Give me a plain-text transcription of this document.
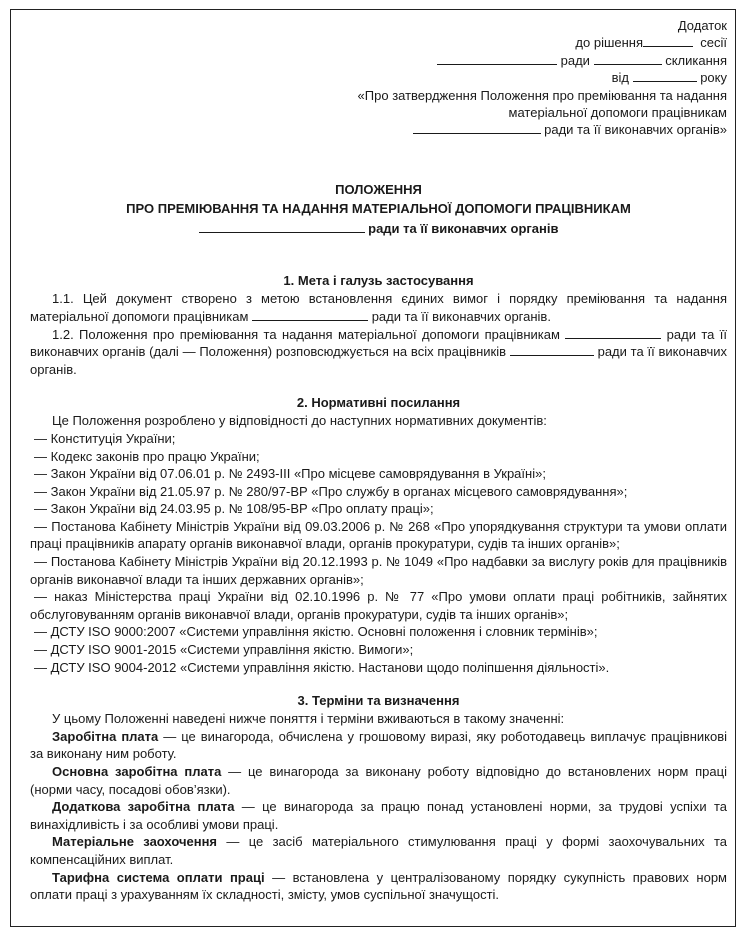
Додаток
до рішення	сесії
ради	скликання
від	року
«Про затвердження Положення про преміювання та надання
матеріальної допомоги працівникам
ради та її виконавчих органів»
ПОЛОЖЕННЯ
ПРО ПРЕМІЮВАННЯ ТА НАДАННЯ МАТЕРІАЛЬНОЇ ДОПОМОГИ ПРАЦІВНИКАМ
ради та її виконавчих органів
1. Мета і галузь застосування

1.1. Цей документ створено з метою встановлення єдиних вимог і порядку преміювання та надання матеріальної допомоги працівникам	ради та її виконавчих органів.

1.2. Положення про преміювання та надання матеріальної допомоги працівникам	ради та її виконавчих органів (далі — Положення) розповсюджується на всіх працівників	ради та її виконавчих органів.

2. Нормативні посилання

Це Положення розроблено у відповідності до наступних нормативних документів:

— Конституція України;

— Кодекс законів про працю України;

— Закон України від 07.06.01 р. № 2493-III «Про місцеве самоврядування в Україні»;

— Закон України від 21.05.97 р. № 280/97-ВР «Про службу в органах місцевого самоврядування»;

— Закон України від 24.03.95 р. № 108/95-ВР «Про оплату праці»;

— Постанова Кабінету Міністрів України від 09.03.2006 р. № 268 «Про упорядкування структури та умови оплати праці працівників апарату органів виконавчої влади, органів прокуратури, судів та інших органів»;

— Постанова Кабінету Міністрів України від 20.12.1993 р. № 1049 «Про надбавки за вислугу років для працівників органів виконавчої влади та інших державних органів»;

— наказ Міністерства праці України від 02.10.1996 р. № 77 «Про умови оплати праці робітників, зайнятих обслуговуванням органів виконавчої влади, органів прокуратури, судів та інших органів»;

— ДСТУ ISO 9000:2007 «Системи управління якістю. Основні положення і словник термінів»;

— ДСТУ ISO 9001-2015 «Системи управління якістю. Вимоги»;

— ДСТУ ISO 9004-2012 «Системи управління якістю. Настанови щодо поліпшення діяльності».

3. Терміни та визначення

У цьому Положенні наведені нижче поняття і терміни вживаються в такому значенні:

Заробітна плата — це винагорода, обчислена у грошовому виразі, яку роботодавець виплачує працівникові за виконану ним роботу.

Основна заробітна плата — це винагорода за виконану роботу відповідно до встановлених норм праці (норми часу, посадові обов’язки).

Додаткова заробітна плата — це винагорода за працю понад установлені норми, за трудові успіхи та винахідливість і за особливі умови праці.

Матеріальне заохочення — це засіб матеріального стимулювання праці у формі заохочувальних та компенсаційних виплат.

Тарифна система оплати праці — встановлена у централізованому порядку сукупність правових норм оплати праці з урахуванням їх складності, змісту, умов суспільної значущості.
